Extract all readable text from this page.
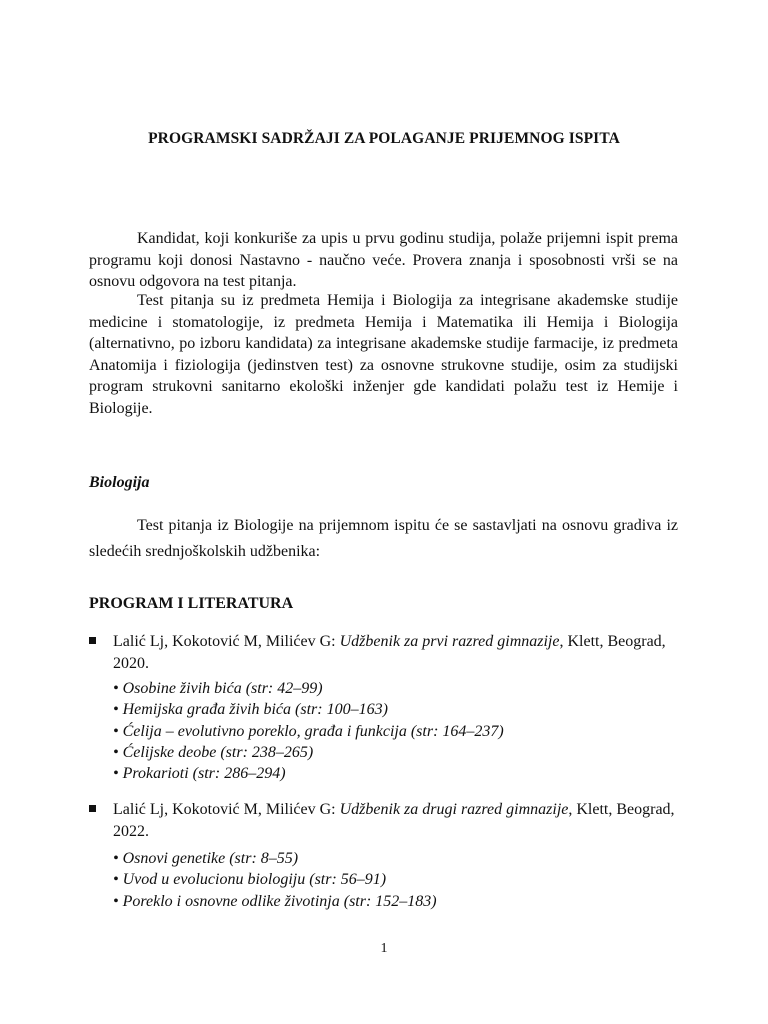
PROGRAMSKI SADRŽAJI ZA POLAGANJE PRIJEMNOG ISPITA
Kandidat, koji konkuriše za upis u prvu godinu studija, polaže prijemni ispit prema programu koji donosi Nastavno - naučno veće. Provera znanja i sposobnosti vrši se na osnovu odgovora na test pitanja.
Test pitanja su iz predmeta Hemija i Biologija za integrisane akademske studije medicine i stomatologije, iz predmeta Hemija i Matematika ili Hemija i Biologija (alternativno, po izboru kandidata) za integrisane akademske studije farmacije, iz predmeta Anatomija i fiziologija (jedinstven test) za osnovne strukovne studije, osim za studijski program strukovni sanitarno ekološki inženjer gde kandidati polažu test iz Hemije i Biologije.
Biologija
Test pitanja iz Biologije na prijemnom ispitu će se sastavljati na osnovu gradiva iz sledećih srednjoškolskih udžbenika:
PROGRAM I LITERATURA
Lalić Lj, Kokotović M, Milićev G: Udžbenik za prvi razred gimnazije, Klett, Beograd, 2020.
• Osobine živih bića (str: 42–99)
• Hemijska građa živih bića (str: 100–163)
• Ćelija – evolutivno poreklo, građa i funkcija (str: 164–237)
• Ćelijske deobe (str: 238–265)
• Prokarioti (str: 286–294)
Lalić Lj, Kokotović M, Milićev G: Udžbenik za drugi razred gimnazije, Klett, Beograd, 2022.
• Osnovi genetike (str: 8–55)
• Uvod u evolucionu biologiju (str: 56–91)
• Poreklo i osnovne odlike životinja (str: 152–183)
1
